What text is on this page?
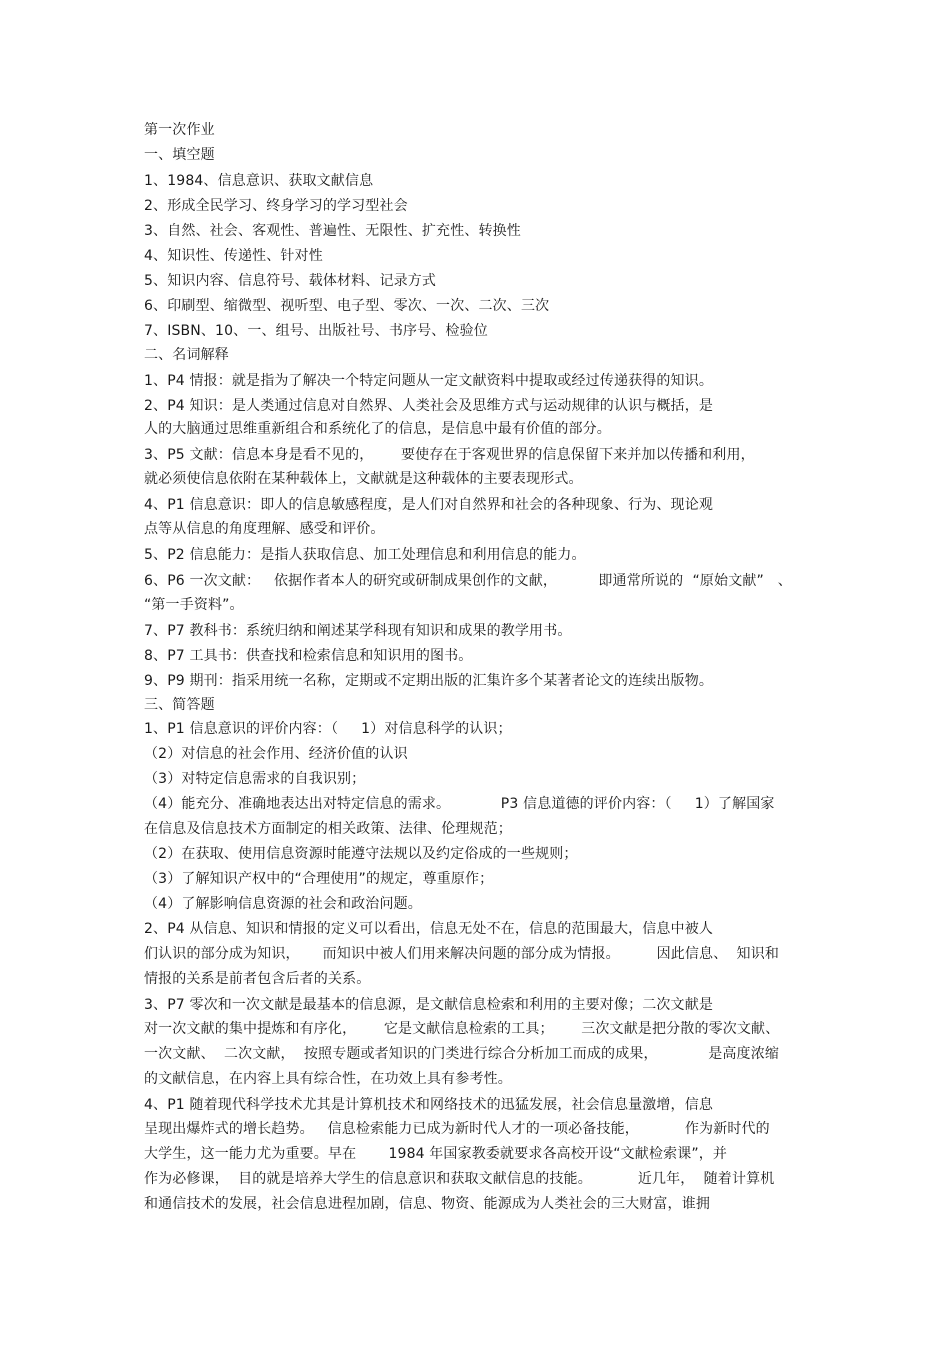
第一次作业
一、填空题
1、1984、信息意识、获取文献信息
2、形成全民学习、终身学习的学习型社会
3、自然、社会、客观性、普遍性、无限性、扩充性、转换性
4、知识性、传递性、针对性
5、知识内容、信息符号、载体材料、记录方式
6、印刷型、缩微型、视听型、电子型、零次、一次、二次、三次
7、ISBN、10、一、组号、出版社号、书序号、检验位
二、名词解释
1、P4 情报：就是指为了解决一个特定问题从一定文献资料中提取或经过传递获得的知识。
2、P4 知识：是人类通过信息对自然界、人类社会及思维方式与运动规律的认识与概括，是
人的大脑通过思维重新组合和系统化了的信息，是信息中最有价值的部分。
3、P5 文献：信息本身是看不见的，      要使存在于客观世界的信息保留下来并加以传播和利用，
就必须使信息依附在某种载体上，文献就是这种载体的主要表现形式。
4、P1 信息意识：即人的信息敏感程度，是人们对自然界和社会的各种现象、行为、现论观
点等从信息的角度理解、感受和评价。
5、P2 信息能力：是指人获取信息、加工处理信息和利用信息的能力。
6、P6 一次文献：   依据作者本人的研究或研制成果创作的文献，         即通常所说的  “原始文献”   、
“第一手资料”。
7、P7 教科书：系统归纳和阐述某学科现有知识和成果的教学用书。
8、P7 工具书：供查找和检索信息和知识用的图书。
9、P9 期刊：指采用统一名称，定期或不定期出版的汇集许多个某著者论文的连续出版物。
三、简答题
1、P1 信息意识的评价内容：（     1）对信息科学的认识；
（2）对信息的社会作用、经济价值的认识
（3）对特定信息需求的自我识别；
（4）能充分、准确地表达出对特定信息的需求。           P3 信息道德的评价内容：（     1）了解国家
在信息及信息技术方面制定的相关政策、法律、伦理规范；
（2）在获取、使用信息资源时能遵守法规以及约定俗成的一些规则；
（3）了解知识产权中的“合理使用”的规定，尊重原作；
（4）了解影响信息资源的社会和政治问题。
2、P4 从信息、知识和情报的定义可以看出，信息无处不在，信息的范围最大，信息中被人
们认识的部分成为知识，     而知识中被人们用来解决问题的部分成为情报。        因此信息、  知识和
情报的关系是前者包含后者的关系。
3、P7 零次和一次文献是最基本的信息源，是文献信息检索和利用的主要对像；二次文献是
对一次文献的集中提炼和有序化，      它是文献信息检索的工具；      三次文献是把分散的零次文献、
一次文献、  二次文献，  按照专题或者知识的门类进行综合分析加工而成的成果，           是高度浓缩
的文献信息，在内容上具有综合性，在功效上具有参考性。
4、P1 随着现代科学技术尤其是计算机技术和网络技术的迅猛发展，社会信息量激增，信息
呈现出爆炸式的增长趋势。   信息检索能力已成为新时代人才的一项必备技能，          作为新时代的
大学生，这一能力尤为重要。早在       1984 年国家教委就要求各高校开设“文献检索课”，并
作为必修课，  目的就是培养大学生的信息意识和获取文献信息的技能。          近几年，  随着计算机
和通信技术的发展，社会信息进程加剧，信息、物资、能源成为人类社会的三大财富，谁拥
